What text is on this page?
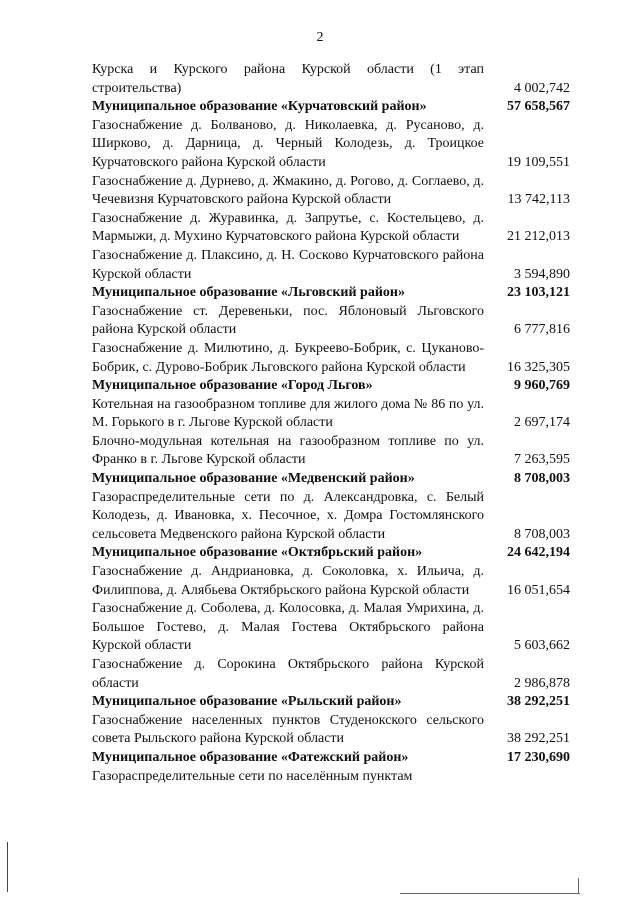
2
Курска и Курского района Курской области (1 этап строительства)	4 002,742
Муниципальное образование «Курчатовский район»	57 658,567
Газоснабжение д. Болваново, д. Николаевка, д. Русаново, д. Ширково, д. Дарница, д. Черный Колодезь, д. Троицкое Курчатовского района Курской области	19 109,551
Газоснабжение д. Дурнево, д. Жмакино, д. Рогово, д. Соглаево, д. Чечевизня Курчатовского района Курской области	13 742,113
Газоснабжение д. Журавинка, д. Запрутье, с. Костельцево, д. Мармыжи, д. Мухино Курчатовского района Курской области	21 212,013
Газоснабжение д. Плаксино, д. Н. Сосково Курчатовского района Курской области	3 594,890
Муниципальное образование «Льговский район»	23 103,121
Газоснабжение ст. Деревеньки, пос. Яблоновый Льговского района Курской области	6 777,816
Газоснабжение д. Милютино, д. Букреево-Бобрик, с. Цуканово-Бобрик, с. Дурово-Бобрик Льговского района Курской области	16 325,305
Муниципальное образование «Город Льгов»	9 960,769
Котельная на газообразном топливе для жилого дома № 86 по ул. М. Горького в г. Льгове Курской области	2 697,174
Блочно-модульная котельная на газообразном топливе по ул. Франко в г. Льгове Курской области	7 263,595
Муниципальное образование «Медвенский район»	8 708,003
Газораспределительные сети по д. Александровка, с. Белый Колодезь, д. Ивановка, х. Песочное, х. Домра Гостомлянского сельсовета Медвенского района Курской области	8 708,003
Муниципальное образование «Октябрьский район»	24 642,194
Газоснабжение д. Андриановка, д. Соколовка, х. Ильича, д. Филиппова, д. Алябьева Октябрьского района Курской области	16 051,654
Газоснабжение д. Соболева, д. Колосовка, д. Малая Умрихина, д. Большое Гостево, д. Малая Гостева Октябрьского района Курской области	5 603,662
Газоснабжение д. Сорокина Октябрьского района Курской области	2 986,878
Муниципальное образование «Рыльский район»	38 292,251
Газоснабжение населенных пунктов Студенокского сельского совета Рыльского района Курской области	38 292,251
Муниципальное образование «Фатежский район»	17 230,690
Газораспределительные сети по населённым пунктам
